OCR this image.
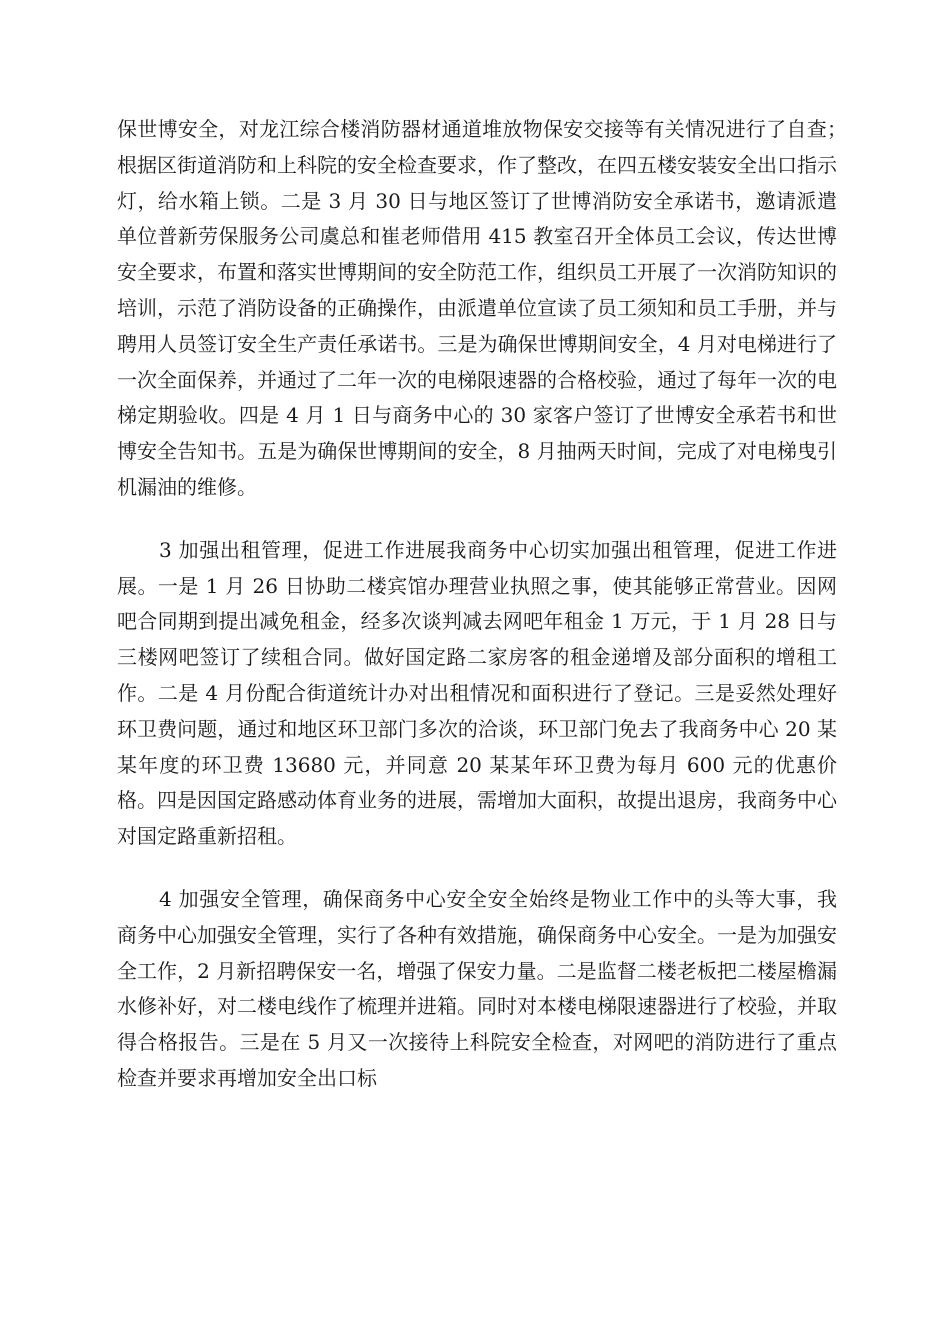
保世博安全，对龙江综合楼消防器材通道堆放物保安交接等有关情况进行了自查；　 根据区街道消防和上科院的安全检查要求，作了整改，在四五楼安装安全出口指示灯，给水箱上锁。二是 3 月 30 日与地区签订了世博消防安全承诺书，邀请派遣单位普新劳保服务公司虞总和崔老师借用 415 教室召开全体员工会议，传达世博安全要求，布置和落实世博期间的安全防范工作，组织员工开展了一次消防知识的培训，示范了消防设备的正确操作，由派遣单位宣读了员工须知和员工手册，并与聘用人员签订安全生产责任承诺书。三是为确保世博期间安全，4 月对电梯进行了一次全面保养，并通过了二年一次的电梯限速器的合格校验，通过了每年一次的电梯定期验收。四是 4 月 1 日与商务中心的 30 家客户签订了世博安全承若书和世博安全告知书。五是为确保世博期间的安全，8 月抽两天时间，完成了对电梯曳引机漏油的维修。

3 加强出租管理，促进工作进展我商务中心切实加强出租管理，促进工作进展。一是 1 月 26 日协助二楼宾馆办理营业执照之事，使其能够正常营业。因网吧合同期到提出减免租金，经多次谈判减去网吧年租金 1 万元，于 1 月 28 日与三楼网吧签订了续租合同。做好国定路二家房客的租金递增及部分面积的增租工作。二是 4 月份配合街道统计办对出租情况和面积进行了登记。三是妥然处理好环卫费问题，通过和地区环卫部门多次的洽谈，环卫部门免去了我商务中心 20 某某年度的环卫费 13680 元，并同意 20 某某年环卫费为每月 600 元的优惠价格。四是因国定路感动体育业务的进展，需增加大面积，故提出退房，我商务中心对国定路重新招租。

4 加强安全管理，确保商务中心安全安全始终是物业工作中的头等大事，我商务中心加强安全管理，实行了各种有效措施，确保商务中心安全。一是为加强安全工作，2 月新招聘保安一名，增强了保安力量。二是监督二楼老板把二楼屋檐漏水修补好，对二楼电线作了梳理并进箱。同时对本楼电梯限速器进行了校验，并取得合格报告。三是在 5 月又一次接待上科院安全检查，对网吧的消防进行了重点检查并要求再增加安全出口标
